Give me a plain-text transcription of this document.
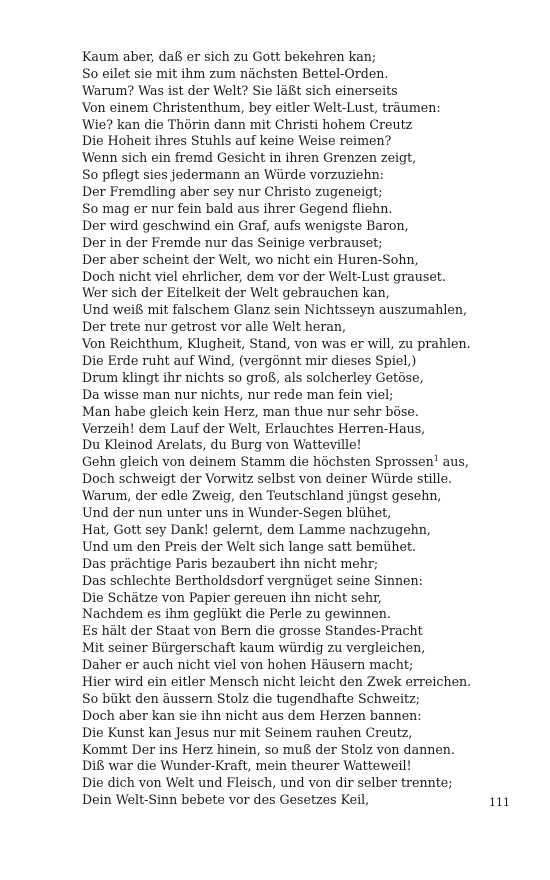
Kaum aber, daß er sich zu Gott bekehren kan;
So eilet sie mit ihm zum nächsten Bettel-Orden.
Warum? Was ist der Welt? Sie läßt sich einerseits
Von einem Christenthum, bey eitler Welt-Lust, träumen:
Wie? kan die Thörin dann mit Christi hohem Creutz
Die Hoheit ihres Stuhls auf keine Weise reimen?
Wenn sich ein fremd Gesicht in ihren Grenzen zeigt,
So pflegt sies jedermann an Würde vorzuziehn:
Der Fremdling aber sey nur Christo zugeneigt;
So mag er nur fein bald aus ihrer Gegend fliehn.
Der wird geschwind ein Graf, aufs wenigste Baron,
Der in der Fremde nur das Seinige verbrauset;
Der aber scheint der Welt, wo nicht ein Huren-Sohn,
Doch nicht viel ehrlicher, dem vor der Welt-Lust grauset.
Wer sich der Eitelkeit der Welt gebrauchen kan,
Und weiß mit falschem Glanz sein Nichtsseyn auszumahlen,
Der trete nur getrost vor alle Welt heran,
Von Reichthum, Klugheit, Stand, von was er will, zu prahlen.
Die Erde ruht auf Wind, (vergönnt mir dieses Spiel,)
Drum klingt ihr nichts so groß, als solcherley Getöse,
Da wisse man nur nichts, nur rede man fein viel;
Man habe gleich kein Herz, man thue nur sehr böse.
Verzeih! dem Lauf der Welt, Erlauchtes Herren-Haus,
Du Kleinod Arelats, du Burg von Watteville!
Gehn gleich von deinem Stamm die höchsten Sprossen$^1$ aus,
Doch schweigt der Vorwitz selbst von deiner Würde stille.
Warum, der edle Zweig, den Teutschland jüngst gesehn,
Und der nun unter uns in Wunder-Segen blühet,
Hat, Gott sey Dank! gelernt, dem Lamme nachzugehn,
Und um den Preis der Welt sich lange satt bemühet.
Das prächtige Paris bezaubert ihn nicht mehr;
Das schlechte Bertholdsdorf vergnüget seine Sinnen:
Die Schätze von Papier gereuen ihn nicht sehr,
Nachdem es ihm geglükt die Perle zu gewinnen.
Es hält der Staat von Bern die grosse Standes-Pracht
Mit seiner Bürgerschaft kaum würdig zu vergleichen,
Daher er auch nicht viel von hohen Häusern macht;
Hier wird ein eitler Mensch nicht leicht den Zwek erreichen.
So bükt den äussern Stolz die tugendhafte Schweitz;
Doch aber kan sie ihn nicht aus dem Herzen bannen:
Die Kunst kan Jesus nur mit Seinem rauhen Creutz,
Kommt Der ins Herz hinein, so muß der Stolz von dannen.
Diß war die Wunder-Kraft, mein theurer Watteweil!
Die dich von Welt und Fleisch, und von dir selber trennte;
Dein Welt-Sinn bebete vor des Gesetzes Keil,	111
